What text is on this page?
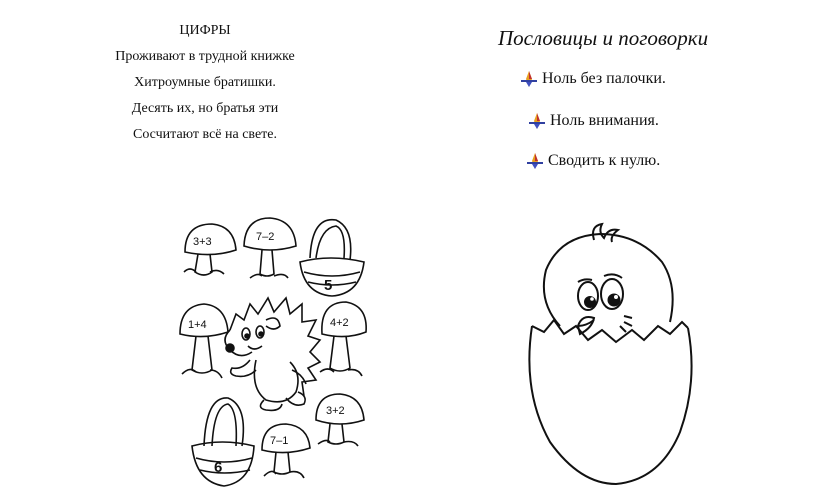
ЦИФРЫ
Проживают в трудной книжке
Хитроумные братишки.
Десять их, но братья эти
Сосчитают всё на свете.
Пословицы и поговорки
Ноль без палочки.
Ноль внимания.
Сводить к нулю.
3+3	7–2
5
1+4	4+2
6
3+2
7–1
